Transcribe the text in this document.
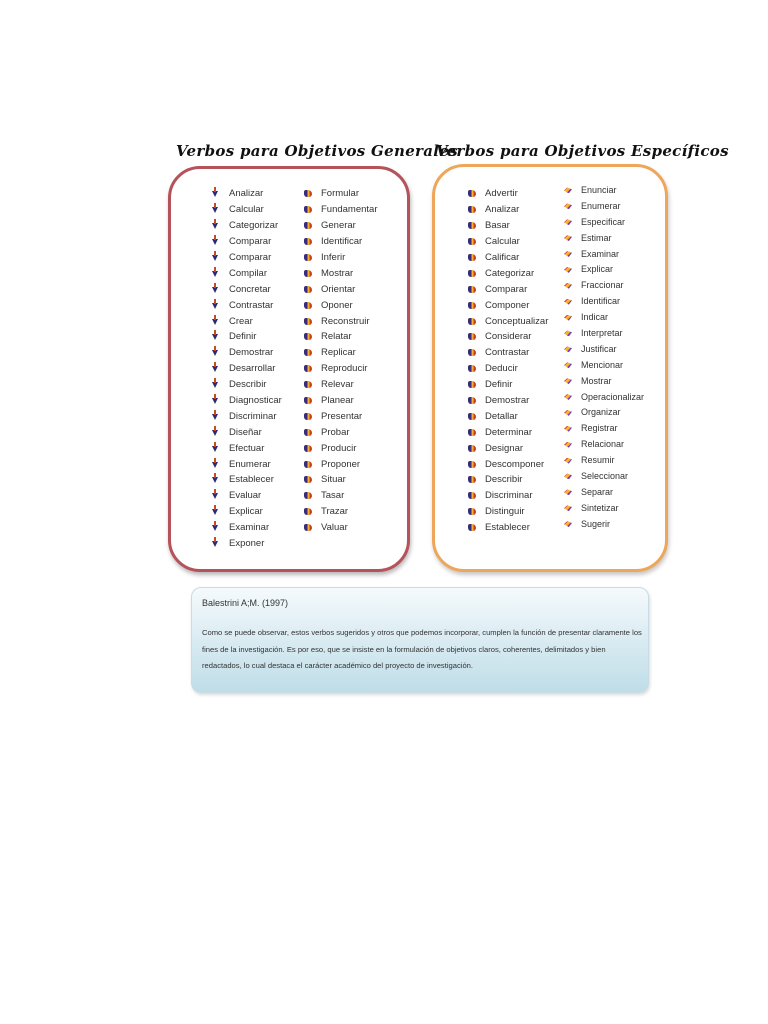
Verbos para Objetivos Generales
Verbos para Objetivos Específicos
Analizar
Calcular
Categorizar
Comparar
Comparar
Compilar
Concretar
Contrastar
Crear
Definir
Demostrar
Desarrollar
Describir
Diagnosticar
Discriminar
Diseñar
Efectuar
Enumerar
Establecer
Evaluar
Explicar
Examinar
Exponer
Formular
Fundamentar
Generar
Identificar
Inferir
Mostrar
Orientar
Oponer
Reconstruir
Relatar
Replicar
Reproducir
Relevar
Planear
Presentar
Probar
Producir
Proponer
Situar
Tasar
Trazar
Valuar
Advertir
Analizar
Basar
Calcular
Calificar
Categorizar
Comparar
Componer
Conceptualizar
Considerar
Contrastar
Deducir
Definir
Demostrar
Detallar
Determinar
Designar
Descomponer
Describir
Discriminar
Distinguir
Establecer
Enunciar
Enumerar
Especificar
Estimar
Examinar
Explicar
Fraccionar
Identificar
Indicar
Interpretar
Justificar
Mencionar
Mostrar
Operacionalizar
Organizar
Registrar
Relacionar
Resumir
Seleccionar
Separar
Sintetizar
Sugerir
Balestrini A;M. (1997)

Como se puede observar, estos verbos sugeridos y otros que podemos incorporar, cumplen la función de presentar claramente los fines de la investigación. Es por eso, que se insiste en la formulación de objetivos claros, coherentes, delimitados y bien redactados, lo cual destaca el carácter académico del proyecto de investigación.
